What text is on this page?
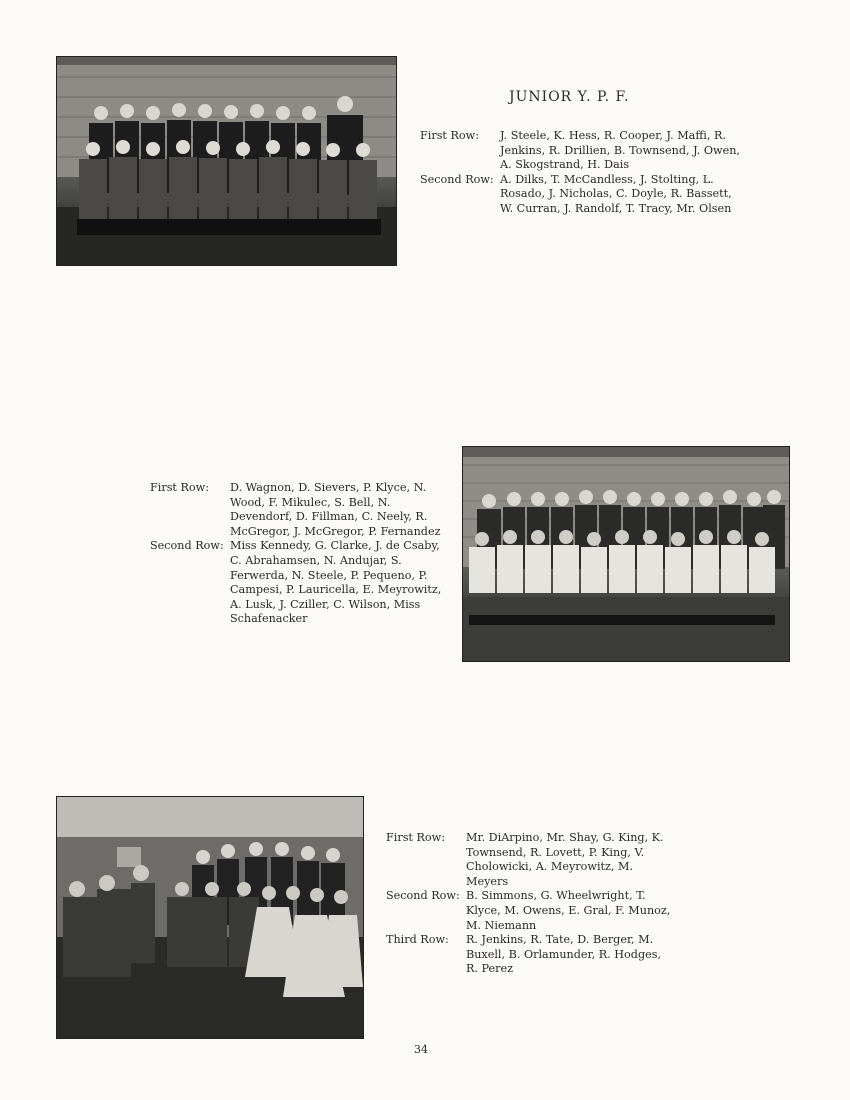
JUNIOR Y. P. F.
First Row:	J. Steele, K. Hess, R. Cooper, J. Maffi, R. Jenkins, R. Drillien, B. Townsend, J. Owen, A. Skogstrand, H. Dais
Second Row: A. Dilks, T. McCandless, J. Stolting, L. Rosado, J. Nicholas, C. Doyle, R. Bassett, W. Curran, J. Randolf, T. Tracy, Mr. Olsen
First Row:	D. Wagnon, D. Sievers, P. Klyce, N. Wood, F. Mikulec, S. Bell, N. Devendorf, D. Fillman, C. Neely, R. McGregor, J. McGregor, P. Fernandez
Second Row: Miss Kennedy, G. Clarke, J. de Csaby, C. Abrahamsen, N. Andujar, S. Ferwerda, N. Steele, P. Pequeno, P. Campesi, P. Lauricella, E. Meyrowitz, A. Lusk, J. Cziller, C. Wilson, Miss Schafenacker
First Row:	Mr. DiArpino, Mr. Shay, G. King, K. Townsend, R. Lovett, P. King, V. Cholowicki, A. Meyrowitz, M. Meyers
Second Row: B. Simmons, G. Wheelwright, T. Klyce, M. Owens, E. Gral, F. Munoz, M. Niemann
Third Row:	R. Jenkins, R. Tate, D. Berger, M. Buxell, B. Orlamunder, R. Hodges, R. Perez
34
